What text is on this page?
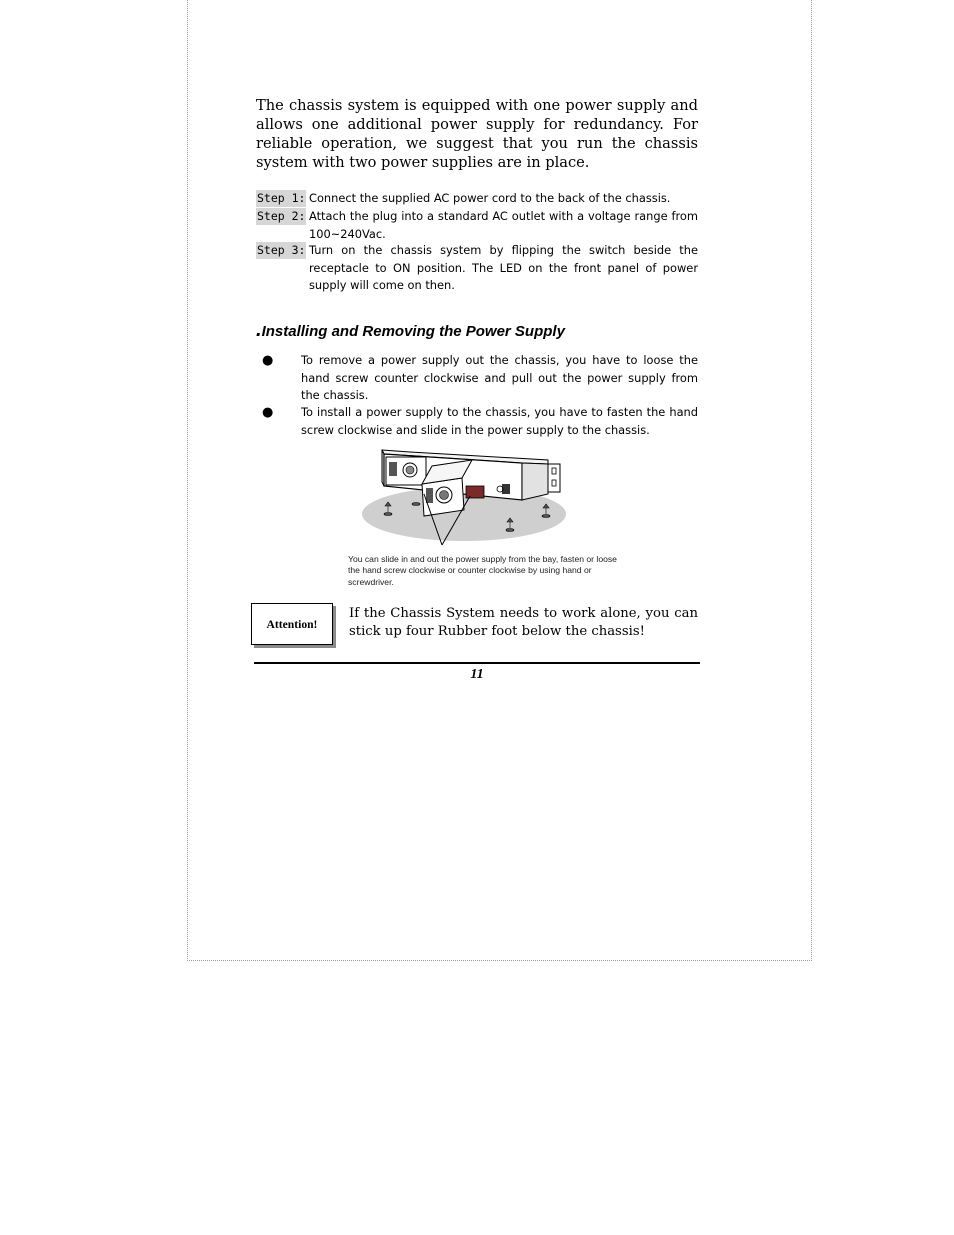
The chassis system is equipped with one power supply and allows one additional power supply for redundancy. For reliable operation, we suggest that you run the chassis system with two power supplies are in place.

Step 1: Connect the supplied AC power cord to the back of the chassis.
Step 2: Attach the plug into a standard AC outlet with a voltage range from 100~240Vac.
Step 3: Turn on the chassis system by flipping the switch beside the receptacle to ON position. The LED on the front panel of power supply will come on then.
.Installing and Removing the Power Supply
● To remove a power supply out the chassis, you have to loose the hand screw counter clockwise and pull out the power supply from the chassis.
● To install a power supply to the chassis, you have to fasten the hand screw clockwise and slide in the power supply to the chassis.

You can slide in and out the power supply from the bay, fasten or loose the hand screw clockwise or counter clockwise by using hand or screwdriver.

Attention!

If the Chassis System needs to work alone, you can stick up four Rubber foot below the chassis!

11
